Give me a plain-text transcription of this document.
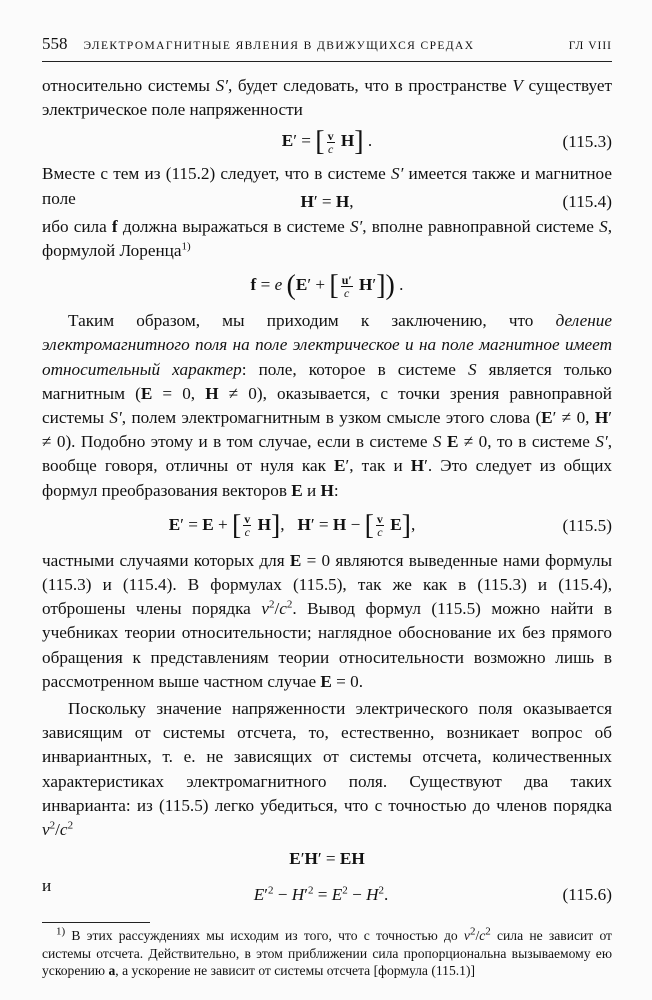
558 ЭЛЕКТРОМАГНИТНЫЕ ЯВЛЕНИЯ В ДВИЖУЩИХСЯ СРЕДАХ	ГЛ VIII

относительно системы S′, будет следовать, что в пространстве V существует электрическое поле напряженности

E′ = [ $\frac{v}{c} H$] .	(115.3)

Вместе с тем из (115.2) следует, что в системе S′ имеется также и магнитное поле	H′ = H,	(115.4)

ибо сила f должна выражаться в системе S′, вполне равноправной системе S, формулой Лоренца$^{1)}$

f = e (E′ + [ $\frac{u'}{c} H'$]) .

Таким образом, мы приходим к заключению, что деление электромагнитного поля на поле электрическое и на поле магнитное имеет относительный характер: поле, которое в системе S является только магнитным (E = 0, H ≠ 0), оказывается, с точки зрения равноправной системы S′, полем электромагнитным в узком смысле этого слова (E′ ≠ 0, H′ ≠ 0). Подобно этому и в том случае, если в системе S E ≠ 0, то в системе S′, вообще говоря, отличны от нуля как E′, так и H′. Это следует из общих формул преобразования векторов E и H:

E′ = E + [ $\frac{v}{c} H$],   H′ = H − [ $\frac{v}{c} E$],	(115.5)

частными случаями которых для E = 0 являются выведенные нами формулы (115.3) и (115.4). В формулах (115.5), так же как в (115.3) и (115.4), отброшены члены порядка $v^2/c^2$. Вывод формул (115.5) можно найти в учебниках теории относительности; наглядное обоснование их без прямого обращения к представлениям теории относительности возможно лишь в рассмотренном выше частном случае E = 0.

Поскольку значение напряженности электрического поля оказывается зависящим от системы отсчета, то, естественно, возникает вопрос об инвариантных, т. е. не зависящих от системы отсчета, количественных характеристиках электромагнитного поля. Существуют два таких инварианта: из (115.5) легко убедиться, что с точностью до членов порядка $v^2/c^2$

E′H′ = EH
и	$E'^2 - H'^2 = E^2 - H^2$.	(115.6)

$^{1)}$ В этих рассуждениях мы исходим из того, что с точностью до $v^2/c^2$ сила не зависит от системы отсчета. Действительно, в этом приближении сила пропорциональна вызываемому ею ускорению a, а ускорение не зависит от системы отсчета [формула (115.1)]
